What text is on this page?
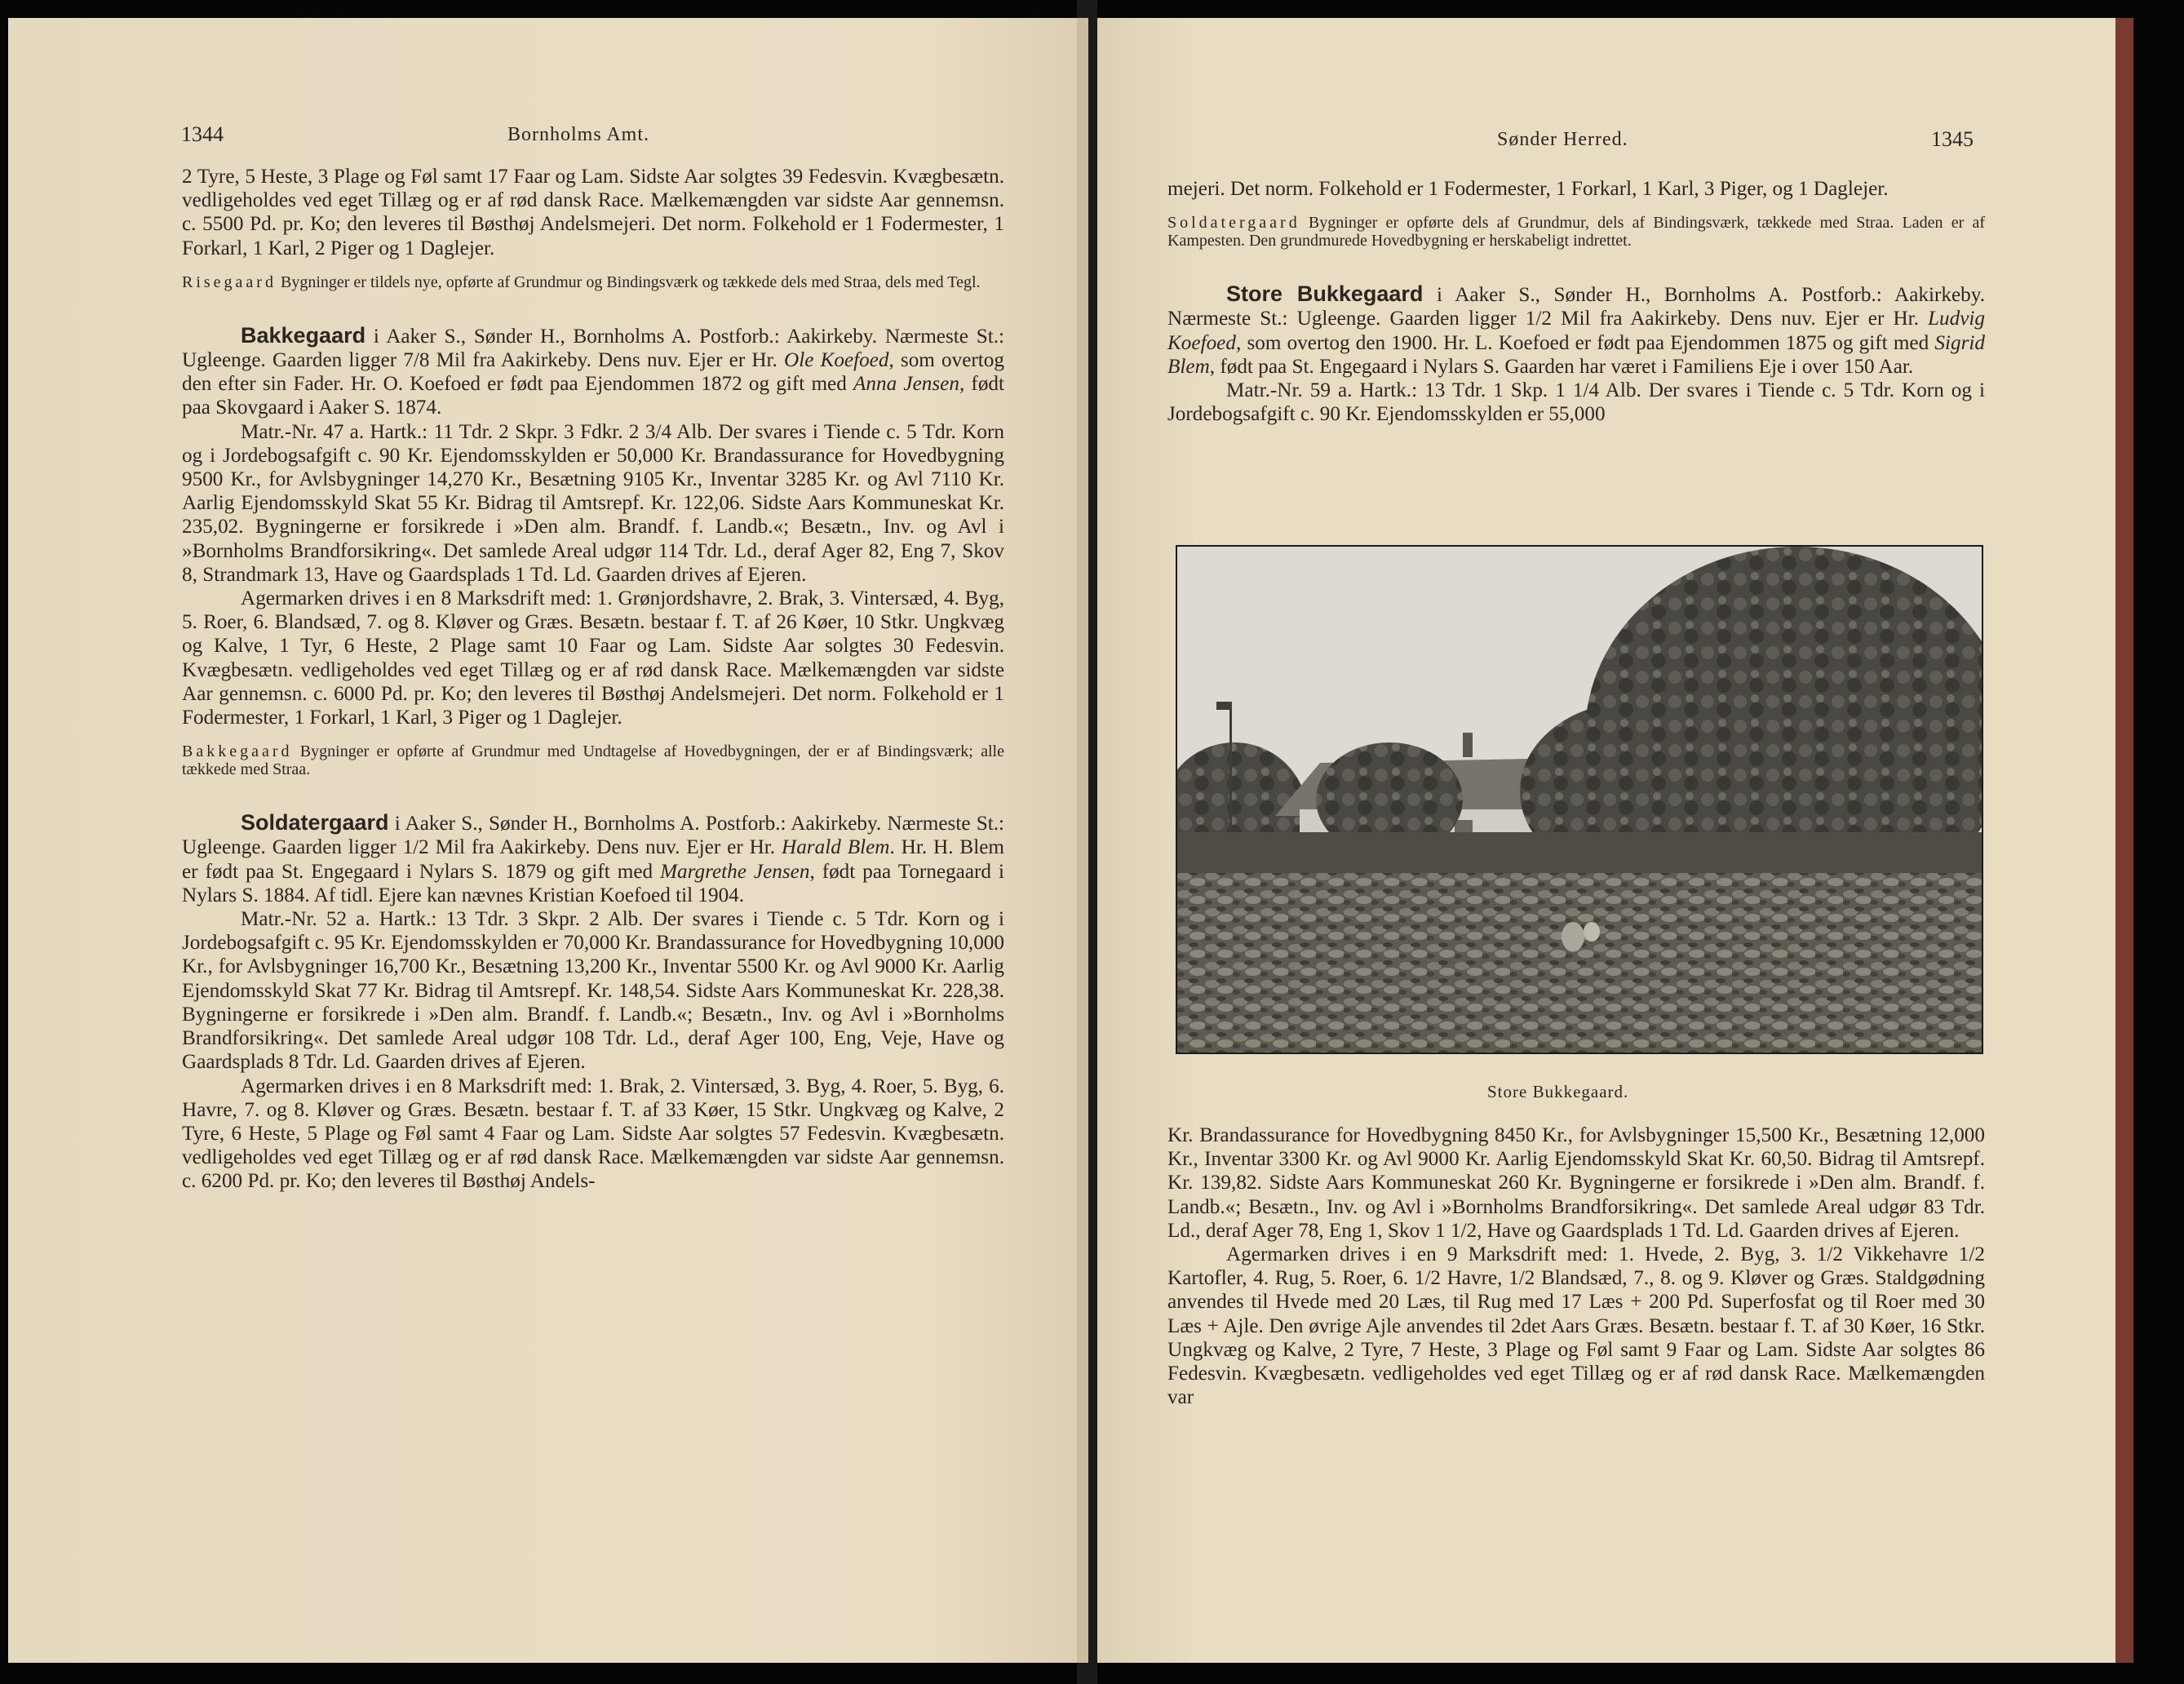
1344	Bornholms Amt.

2 Tyre, 5 Heste, 3 Plage og Føl samt 17 Faar og Lam. Sidste Aar solgtes 39 Fedesvin. Kvægbesætn. vedligeholdes ved eget Tillæg og er af rød dansk Race. Mælkemængden var sidste Aar gennemsn. c. 5500 Pd. pr. Ko; den leveres til Bøsthøj Andelsmejeri. Det norm. Folkehold er 1 Fodermester, 1 Forkarl, 1 Karl, 2 Piger og 1 Daglejer.

Risegaard Bygninger er tildels nye, opførte af Grundmur og Bindingsværk og tækkede dels med Straa, dels med Tegl.

Bakkegaard i Aaker S., Sønder H., Bornholms A. Postforb.: Aakirkeby. Nærmeste St.: Ugleenge. Gaarden ligger 7/8 Mil fra Aakirkeby. Dens nuv. Ejer er Hr. Ole Koefoed, som overtog den efter sin Fader. Hr. O. Koefoed er født paa Ejendommen 1872 og gift med Anna Jensen, født paa Skovgaard i Aaker S. 1874.

Matr.-Nr. 47 a. Hartk.: 11 Tdr. 2 Skpr. 3 Fdkr. 2 3/4 Alb. Der svares i Tiende c. 5 Tdr. Korn og i Jordebogsafgift c. 90 Kr. Ejendomsskylden er 50,000 Kr. Brandassurance for Hovedbygning 9500 Kr., for Avlsbygninger 14,270 Kr., Besætning 9105 Kr., Inventar 3285 Kr. og Avl 7110 Kr. Aarlig Ejendomsskyld Skat 55 Kr. Bidrag til Amtsrepf. Kr. 122,06. Sidste Aars Kommuneskat Kr. 235,02. Bygningerne er forsikrede i »Den alm. Brandf. f. Landb.«; Besætn., Inv. og Avl i »Bornholms Brandforsikring«. Det samlede Areal udgør 114 Tdr. Ld., deraf Ager 82, Eng 7, Skov 8, Strandmark 13, Have og Gaardsplads 1 Td. Ld. Gaarden drives af Ejeren.

Agermarken drives i en 8 Marksdrift med: 1. Grønjordshavre, 2. Brak, 3. Vintersæd, 4. Byg, 5. Roer, 6. Blandsæd, 7. og 8. Kløver og Græs. Besætn. bestaar f. T. af 26 Køer, 10 Stkr. Ungkvæg og Kalve, 1 Tyr, 6 Heste, 2 Plage samt 10 Faar og Lam. Sidste Aar solgtes 30 Fedesvin. Kvægbesætn. vedligeholdes ved eget Tillæg og er af rød dansk Race. Mælkemængden var sidste Aar gennemsn. c. 6000 Pd. pr. Ko; den leveres til Bøsthøj Andelsmejeri. Det norm. Folkehold er 1 Fodermester, 1 Forkarl, 1 Karl, 3 Piger og 1 Daglejer.

Bakkegaard Bygninger er opførte af Grundmur med Undtagelse af Hovedbygningen, der er af Bindingsværk; alle tækkede med Straa.

Soldatergaard i Aaker S., Sønder H., Bornholms A. Postforb.: Aakirkeby. Nærmeste St.: Ugleenge. Gaarden ligger 1/2 Mil fra Aakirkeby. Dens nuv. Ejer er Hr. Harald Blem. Hr. H. Blem er født paa St. Engegaard i Nylars S. 1879 og gift med Margrethe Jensen, født paa Tornegaard i Nylars S. 1884. Af tidl. Ejere kan nævnes Kristian Koefoed til 1904.

Matr.-Nr. 52 a. Hartk.: 13 Tdr. 3 Skpr. 2 Alb. Der svares i Tiende c. 5 Tdr. Korn og i Jordebogsafgift c. 95 Kr. Ejendomsskylden er 70,000 Kr. Brandassurance for Hovedbygning 10,000 Kr., for Avlsbygninger 16,700 Kr., Besætning 13,200 Kr., Inventar 5500 Kr. og Avl 9000 Kr. Aarlig Ejendomsskyld Skat 77 Kr. Bidrag til Amtsrepf. Kr. 148,54. Sidste Aars Kommuneskat Kr. 228,38. Bygningerne er forsikrede i »Den alm. Brandf. f. Landb.«; Besætn., Inv. og Avl i »Bornholms Brandforsikring«. Det samlede Areal udgør 108 Tdr. Ld., deraf Ager 100, Eng, Veje, Have og Gaardsplads 8 Tdr. Ld. Gaarden drives af Ejeren.

Agermarken drives i en 8 Marksdrift med: 1. Brak, 2. Vintersæd, 3. Byg, 4. Roer, 5. Byg, 6. Havre, 7. og 8. Kløver og Græs. Besætn. bestaar f. T. af 33 Køer, 15 Stkr. Ungkvæg og Kalve, 2 Tyre, 6 Heste, 5 Plage og Føl samt 4 Faar og Lam. Sidste Aar solgtes 57 Fedesvin. Kvægbesætn. vedligeholdes ved eget Tillæg og er af rød dansk Race. Mælkemængden var sidste Aar gennemsn. c. 6200 Pd. pr. Ko; den leveres til Bøsthøj Andels-

Sønder Herred.	1345

mejeri. Det norm. Folkehold er 1 Fodermester, 1 Forkarl, 1 Karl, 3 Piger, og 1 Daglejer.

Soldatergaard Bygninger er opførte dels af Grundmur, dels af Bindingsværk, tækkede med Straa. Laden er af Kampesten. Den grundmurede Hovedbygning er herskabeligt indrettet.

Store Bukkegaard i Aaker S., Sønder H., Bornholms A. Postforb.: Aakirkeby. Nærmeste St.: Ugleenge. Gaarden ligger 1/2 Mil fra Aakirkeby. Dens nuv. Ejer er Hr. Ludvig Koefoed, som overtog den 1900. Hr. L. Koefoed er født paa Ejendommen 1875 og gift med Sigrid Blem, født paa St. Engegaard i Nylars S. Gaarden har været i Familiens Eje i over 150 Aar.

Matr.-Nr. 59 a. Hartk.: 13 Tdr. 1 Skp. 1 1/4 Alb. Der svares i Tiende c. 5 Tdr. Korn og i Jordebogsafgift c. 90 Kr. Ejendomsskylden er 55,000

Store Bukkegaard.

Kr. Brandassurance for Hovedbygning 8450 Kr., for Avlsbygninger 15,500 Kr., Besætning 12,000 Kr., Inventar 3300 Kr. og Avl 9000 Kr. Aarlig Ejendomsskyld Skat Kr. 60,50. Bidrag til Amtsrepf. Kr. 139,82. Sidste Aars Kommuneskat 260 Kr. Bygningerne er forsikrede i »Den alm. Brandf. f. Landb.«; Besætn., Inv. og Avl i »Bornholms Brandforsikring«. Det samlede Areal udgør 83 Tdr. Ld., deraf Ager 78, Eng 1, Skov 1 1/2, Have og Gaardsplads 1 Td. Ld. Gaarden drives af Ejeren.

Agermarken drives i en 9 Marksdrift med: 1. Hvede, 2. Byg, 3. 1/2 Vikkehavre 1/2 Kartofler, 4. Rug, 5. Roer, 6. 1/2 Havre, 1/2 Blandsæd, 7., 8. og 9. Kløver og Græs. Staldgødning anvendes til Hvede med 20 Læs, til Rug med 17 Læs + 200 Pd. Superfosfat og til Roer med 30 Læs + Ajle. Den øvrige Ajle anvendes til 2det Aars Græs. Besætn. bestaar f. T. af 30 Køer, 16 Stkr. Ungkvæg og Kalve, 2 Tyre, 7 Heste, 3 Plage og Føl samt 9 Faar og Lam. Sidste Aar solgtes 86 Fedesvin. Kvægbesætn. vedligeholdes ved eget Tillæg og er af rød dansk Race. Mælkemængden var
